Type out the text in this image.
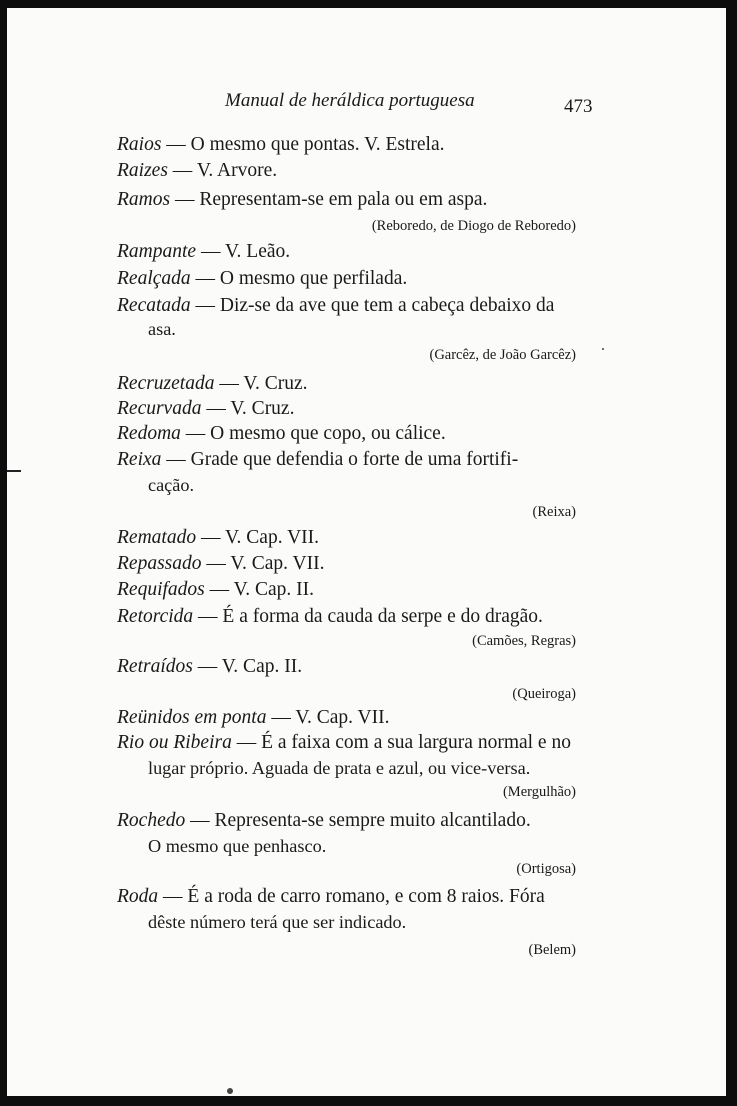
Manual de heráldica portuguesa	473

Raios — O mesmo que pontas. V. Estrela.

Raizes — V. Arvore.

Ramos — Representam-se em pala ou em aspa.

(Reboredo, de Diogo de Reboredo)

Rampante — V. Leão.

Realçada — O mesmo que perfilada.

Recatada — Diz-se da ave que tem a cabeça debaixo da

asa.

(Garcêz, de João Garcêz)

Recruzetada — V. Cruz.

Recurvada — V. Cruz.

Redoma — O mesmo que copo, ou cálice.

Reixa — Grade que defendia o forte de uma fortifi-

cação.

(Reixa)

Rematado — V. Cap. VII.

Repassado — V. Cap. VII.

Requifados — V. Cap. II.

Retorcida — É a forma da cauda da serpe e do dragão.

(Camões, Regras)

Retraídos — V. Cap. II.

(Queiroga)

Reünidos em ponta — V. Cap. VII.

Rio ou Ribeira — É a faixa com a sua largura normal e no

lugar próprio. Aguada de prata e azul, ou vice-versa.

(Mergulhão)

Rochedo — Representa-se sempre muito alcantilado.

O mesmo que penhasco.

(Ortigosa)

Roda — É a roda de carro romano, e com 8 raios. Fóra

dêste número terá que ser indicado.

(Belem)
